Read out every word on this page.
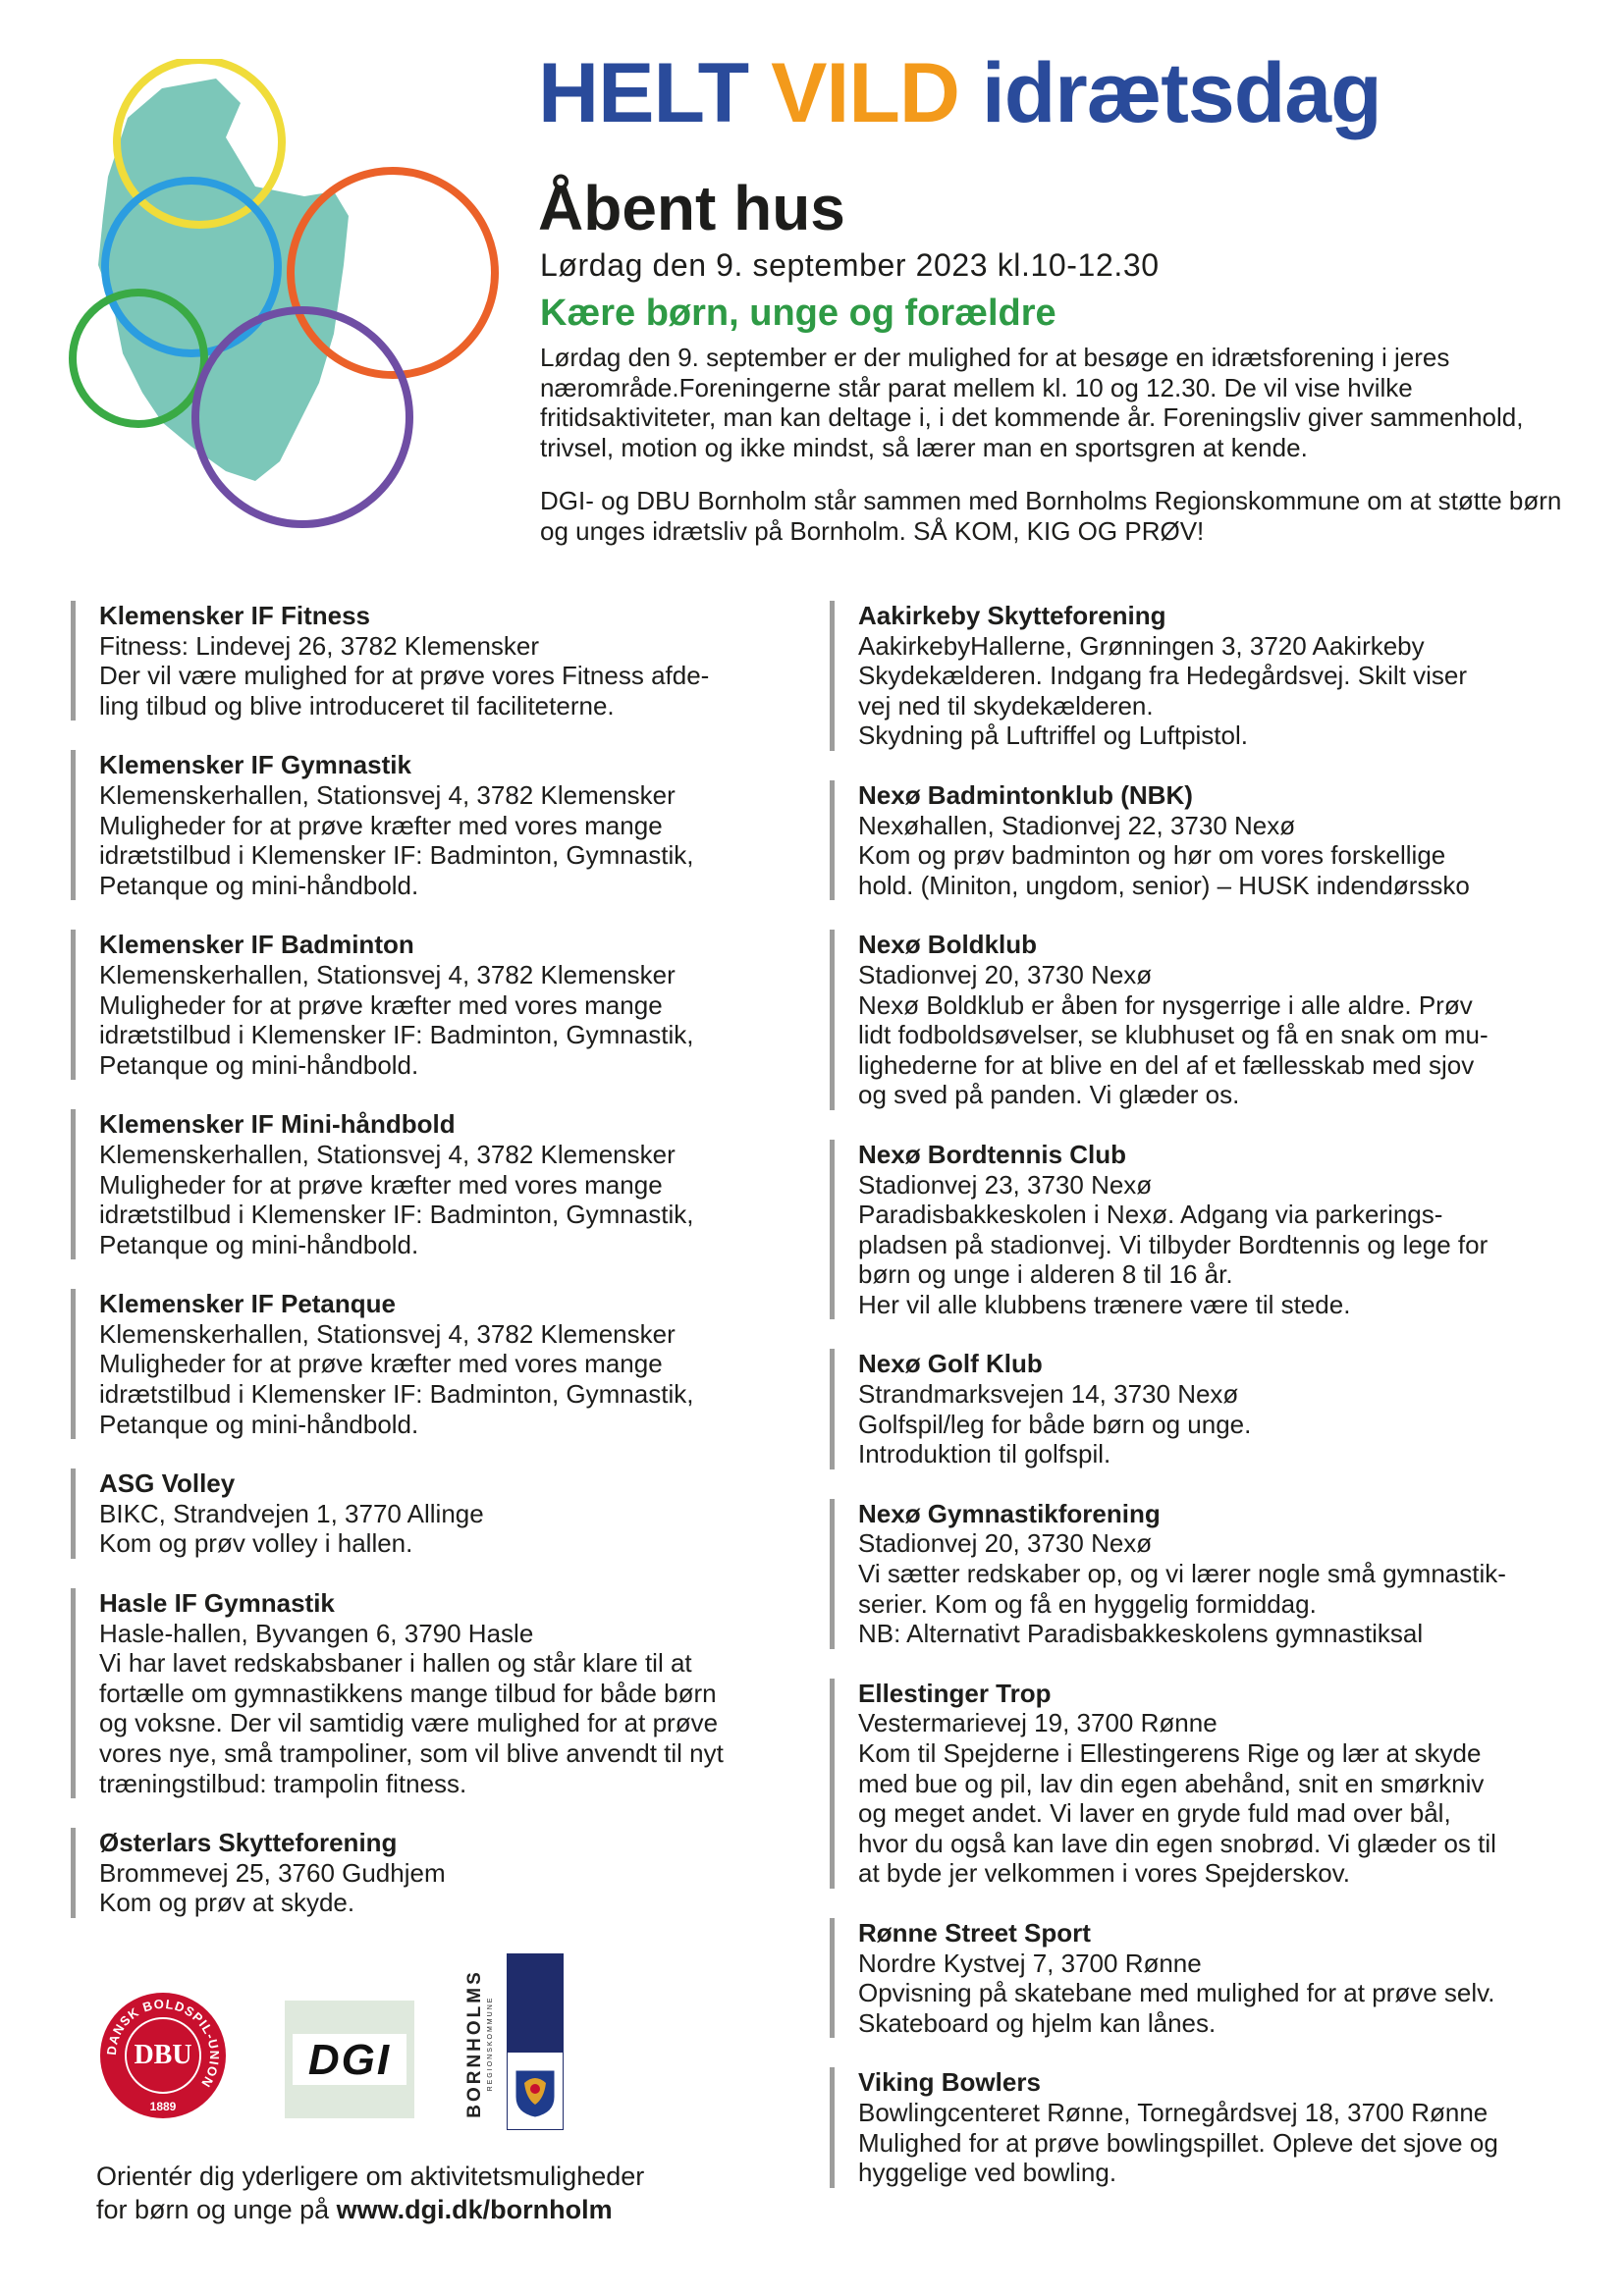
HELT VILD idrætsdag
Åbent hus
Lørdag den 9. september 2023 kl.10-12.30
Kære børn, unge og forældre

Lørdag den 9. september er der mulighed for at besøge en idrætsforening i jeres nærområde.Foreningerne står parat mellem kl. 10 og 12.30. De vil vise hvilke fritidsaktiviteter, man kan deltage i, i det kommende år. Foreningsliv giver sammenhold, trivsel, motion og ikke mindst, så lærer man en sportsgren at kende.

DGI- og DBU Bornholm står sammen med Bornholms Regionskommune om at støtte børn og unges idrætsliv på Bornholm. SÅ KOM, KIG OG PRØV!

Klemensker IF Fitness
Fitness: Lindevej 26, 3782 Klemensker
Der vil være mulighed for at prøve vores Fitness afde-
ling tilbud og blive introduceret til faciliteterne.
Klemensker IF Gymnastik
Klemenskerhallen, Stationsvej 4, 3782 Klemensker
Muligheder for at prøve kræfter med vores mange
idrætstilbud i Klemensker IF: Badminton, Gymnastik,
Petanque og mini-håndbold.
Klemensker IF Badminton
Klemenskerhallen, Stationsvej 4, 3782 Klemensker
Muligheder for at prøve kræfter med vores mange
idrætstilbud i Klemensker IF: Badminton, Gymnastik,
Petanque og mini-håndbold.
Klemensker IF Mini-håndbold
Klemenskerhallen, Stationsvej 4, 3782 Klemensker
Muligheder for at prøve kræfter med vores mange
idrætstilbud i Klemensker IF: Badminton, Gymnastik,
Petanque og mini-håndbold.
Klemensker IF Petanque
Klemenskerhallen, Stationsvej 4, 3782 Klemensker
Muligheder for at prøve kræfter med vores mange
idrætstilbud i Klemensker IF: Badminton, Gymnastik,
Petanque og mini-håndbold.
ASG Volley
BIKC, Strandvejen 1, 3770 Allinge
Kom og prøv volley i hallen.
Hasle IF Gymnastik
Hasle-hallen, Byvangen 6, 3790 Hasle
Vi har lavet redskabsbaner i hallen og står klare til at
fortælle om gymnastikkens mange tilbud for både børn
og voksne. Der vil samtidig være mulighed for at prøve
vores nye, små trampoliner, som vil blive anvendt til nyt
træningstilbud: trampolin fitness.
Østerlars Skytteforening
Brommevej 25, 3760 Gudhjem
Kom og prøv at skyde.
Aakirkeby Skytteforening
AakirkebyHallerne, Grønningen 3, 3720 Aakirkeby
Skydekælderen. Indgang fra Hedegårdsvej. Skilt viser
vej ned til skydekælderen.
Skydning på Luftriffel og Luftpistol.
Nexø Badmintonklub (NBK)
Nexøhallen, Stadionvej 22, 3730 Nexø
Kom og prøv badminton og hør om vores forskellige
hold. (Miniton, ungdom, senior) – HUSK indendørssko
Nexø Boldklub
Stadionvej 20, 3730 Nexø
Nexø Boldklub er åben for nysgerrige i alle aldre. Prøv
lidt fodboldsøvelser, se klubhuset og få en snak om mu-
lighederne for at blive en del af et fællesskab med sjov
og sved på panden. Vi glæder os.
Nexø Bordtennis Club
Stadionvej 23, 3730 Nexø
Paradisbakkeskolen i Nexø. Adgang via parkerings-
pladsen på stadionvej. Vi tilbyder Bordtennis og lege for
børn og unge i alderen 8 til 16 år.
Her vil alle klubbens trænere være til stede.
Nexø Golf Klub
Strandmarksvejen 14, 3730 Nexø
Golfspil/leg for både børn og unge.
Introduktion til golfspil.
Nexø Gymnastikforening
Stadionvej 20, 3730 Nexø
Vi sætter redskaber op, og vi lærer nogle små gymnastik-
serier. Kom og få en hyggelig formiddag.
NB: Alternativt Paradisbakkeskolens gymnastiksal
Ellestinger Trop
Vestermarievej 19, 3700 Rønne
Kom til Spejderne i Ellestingerens Rige og lær at skyde
med bue og pil, lav din egen abehånd, snit en smørkniv
og meget andet. Vi laver en gryde fuld mad over bål,
hvor du også kan lave din egen snobrød. Vi glæder os til
at byde jer velkommen i vores Spejderskov.
Rønne Street Sport
Nordre Kystvej 7, 3700 Rønne
Opvisning på skatebane med mulighed for at prøve selv.
Skateboard og hjelm kan lånes.
Viking Bowlers
Bowlingcenteret Rønne, Tornegårdsvej 18, 3700 Rønne
Mulighed for at prøve bowlingspillet. Opleve det sjove og
hyggelige ved bowling.
DANSK BOLDSPIL-UNION
DBU
1889
DGI	BORNHOLMS REGIONSKOMMUNE
Orientér dig yderligere om aktivitetsmuligheder
for børn og unge på www.dgi.dk/bornholm
